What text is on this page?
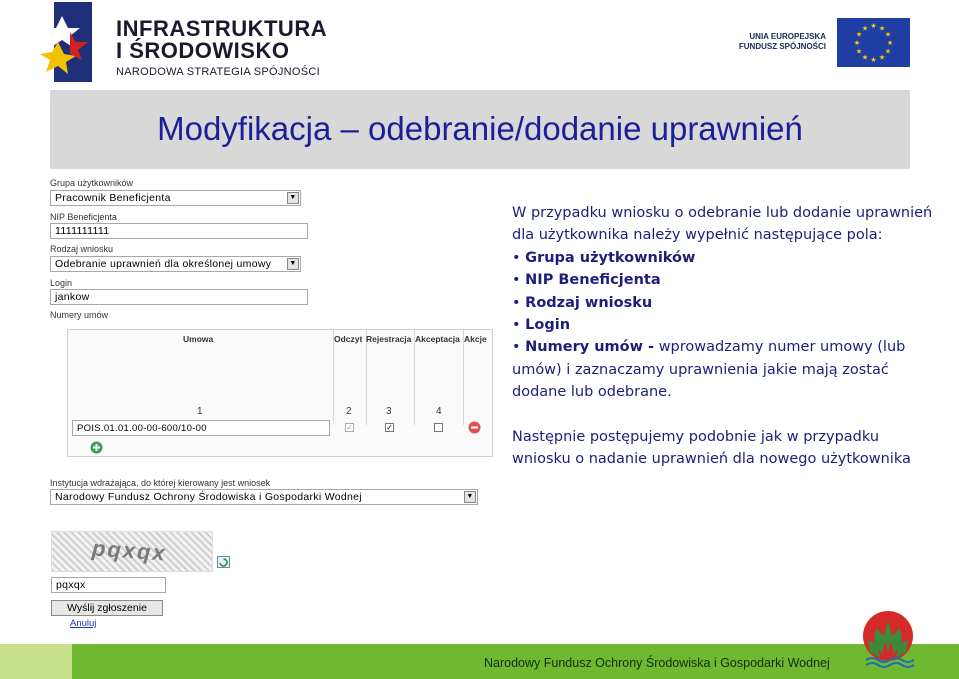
INFRASTRUKTURA
I ŚRODOWISKO
NARODOWA STRATEGIA SPÓJNOŚCI
UNIA EUROPEJSKA
FUNDUSZ SPÓJNOŚCI
★ ★
★
★
★
★
★
★
★
★
★
★
Modyfikacja – odebranie/dodanie uprawnień
Grupa użytkowników
Pracownik Beneficjenta	▼
NIP Beneficjenta
1111111111
Rodzaj wniosku
Odebranie uprawnień dla określonej umowy	▼
Login
jankow
Numery umów
Umowa	Odczyt Rejestracja Akceptacja Akcje
1	2	3	4
POIS.01.01.00-00-600/10-00	✓	✓
Instytucja wdrażająca, do której kierowany jest wniosek
Narodowy Fundusz Ochrony Środowiska i Gospodarki Wodnej	▼
pqxqx
pqxqx
Wyślij zgłoszenie
Anuluj

W przypadku wniosku o odebranie lub dodanie uprawnień dla użytkownika należy wypełnić następujące pola:

• Grupa użytkowników

• NIP Beneficjenta

• Rodzaj wniosku

• Login

• Numery umów - wprowadzamy numer umowy (lub umów) i zaznaczamy uprawnienia jakie mają zostać dodane lub odebrane.

Następnie postępujemy podobnie jak w przypadku wniosku o nadanie uprawnień dla nowego użytkownika

Narodowy Fundusz Ochrony Środowiska i Gospodarki Wodnej
